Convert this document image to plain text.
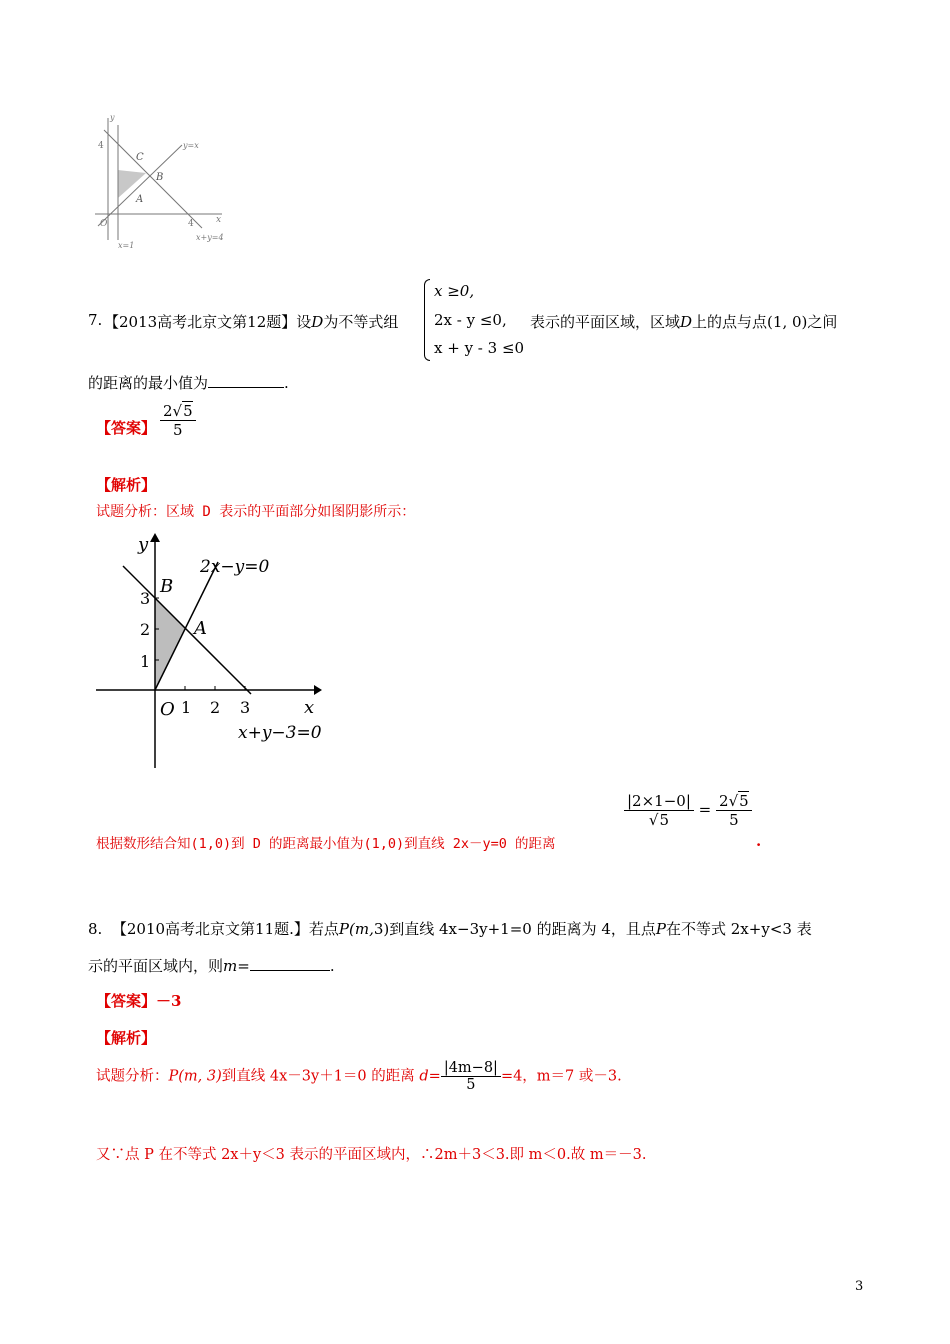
y
4
C
y=x
B
A
O	4 x
x=1
x+y=4
7. 【2013高考北京文第12题】设D为不等式组
x ≥0,
2x - y ≤0,
x + y - 3 ≤0
表示的平面区域，区域D上的点与点(1, 0)之间
的距离的最小值为	.
【答案】 $\frac{2√5}{5}$
【解析】
试题分析：区域 D 表示的平面部分如图阴影所示：
y
2x−y=0
B
A
3
2
1
O 1 2 3	x
x+y−3=0
根据数形结合知(1,0)到 D 的距离最小值为(1,0)到直线 2x－y=0 的距离
$\frac{|2\times 1-0|}{√5} = \frac{2√5}{5}$
.
8. 【2010高考北京文第11题.】若点P(m,3)到直线 4x−3y+1=0 的距离为 4，且点P在不等式 2x+y<3 表
示的平面区域内，则m=	.
【答案】－3
【解析】
试题分析：P(m, 3)到直线 4x－3y＋1＝0 的距离 $d= \frac{|4m-8|}{5} =4$，m＝7 或－3.
又∵点 P 在不等式 2x＋y＜3 表示的平面区域内，∴2m＋3＜3.即 m＜0.故 m＝－3.
3
